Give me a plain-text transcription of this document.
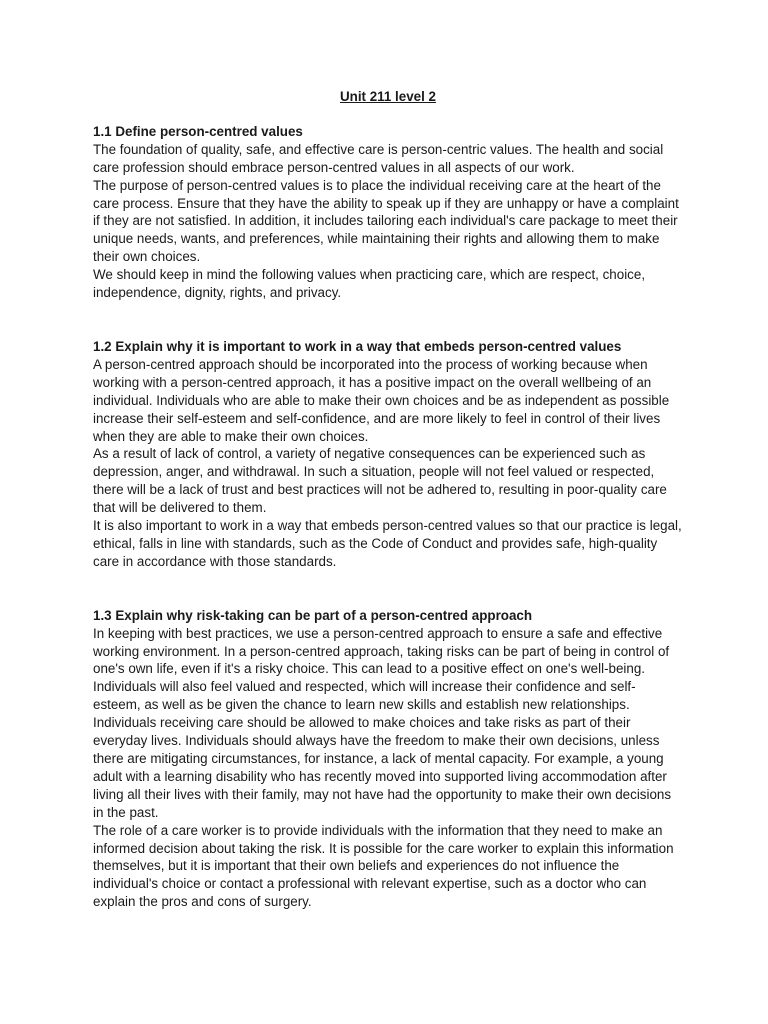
Unit 211 level 2

1.1 Define person-centred values

The foundation of quality, safe, and effective care is person-centric values. The health and social care profession should embrace person-centred values in all aspects of our work.

The purpose of person-centred values is to place the individual receiving care at the heart of the care process. Ensure that they have the ability to speak up if they are unhappy or have a complaint if they are not satisfied. In addition, it includes tailoring each individual's care package to meet their unique needs, wants, and preferences, while maintaining their rights and allowing them to make their own choices.

We should keep in mind the following values when practicing care, which are respect, choice, independence, dignity, rights, and privacy.

1.2 Explain why it is important to work in a way that embeds person-centred values

A person-centred approach should be incorporated into the process of working because when working with a person-centred approach, it has a positive impact on the overall wellbeing of an individual. Individuals who are able to make their own choices and be as independent as possible increase their self-esteem and self-confidence, and are more likely to feel in control of their lives when they are able to make their own choices.

As a result of lack of control, a variety of negative consequences can be experienced such as depression, anger, and withdrawal. In such a situation, people will not feel valued or respected, there will be a lack of trust and best practices will not be adhered to, resulting in poor-quality care that will be delivered to them.

It is also important to work in a way that embeds person-centred values so that our practice is legal, ethical, falls in line with standards, such as the Code of Conduct and provides safe, high-quality care in accordance with those standards.

1.3 Explain why risk-taking can be part of a person-centred approach

In keeping with best practices, we use a person-centred approach to ensure a safe and effective working environment. In a person-centred approach, taking risks can be part of being in control of one's own life, even if it's a risky choice. This can lead to a positive effect on one's well-being. Individuals will also feel valued and respected, which will increase their confidence and self-esteem, as well as be given the chance to learn new skills and establish new relationships.

Individuals receiving care should be allowed to make choices and take risks as part of their everyday lives. Individuals should always have the freedom to make their own decisions, unless there are mitigating circumstances, for instance, a lack of mental capacity. For example, a young adult with a learning disability who has recently moved into supported living accommodation after living all their lives with their family, may not have had the opportunity to make their own decisions in the past.

The role of a care worker is to provide individuals with the information that they need to make an informed decision about taking the risk. It is possible for the care worker to explain this information themselves, but it is important that their own beliefs and experiences do not influence the individual's choice or contact a professional with relevant expertise, such as a doctor who can explain the pros and cons of surgery.
